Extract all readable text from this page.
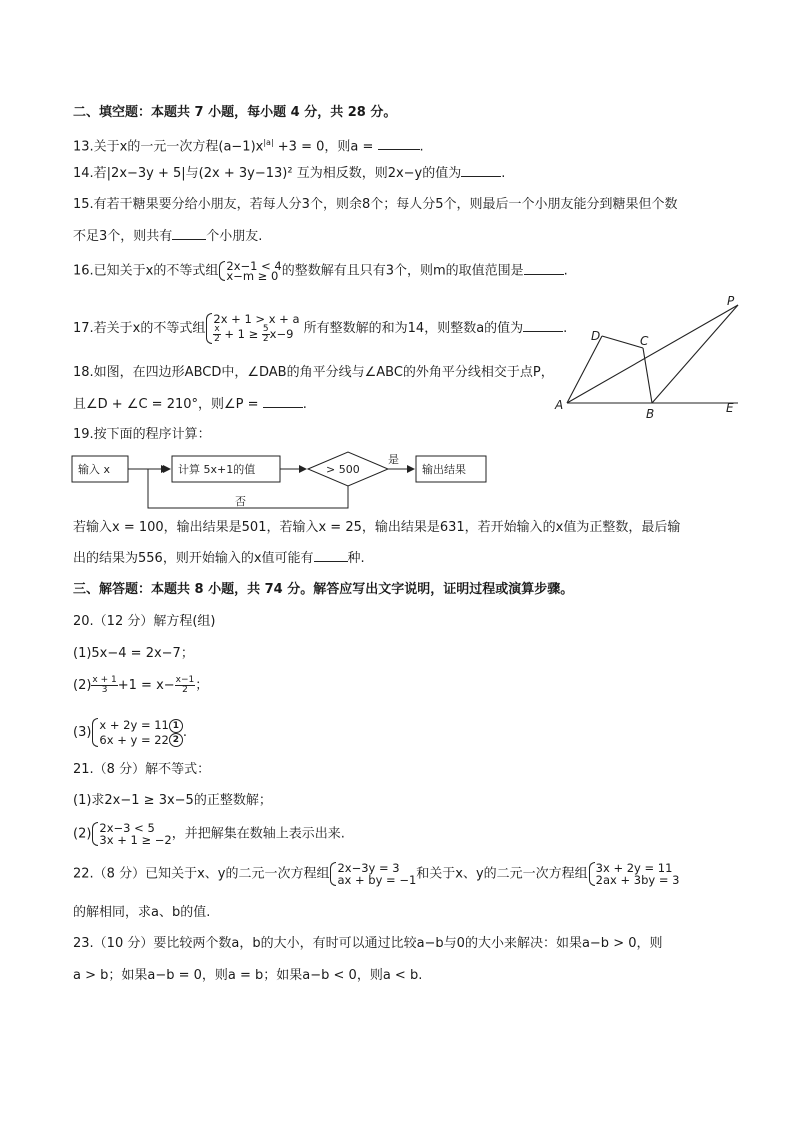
二、填空题：本题共 7 小题，每小题 4 分，共 28 分。
13.关于x的一元一次方程$(a-1)x^{|a|} +3 = 0$，则a =	.
14.若|2x−3y + 5|与(2x + 3y−13)² 互为相反数，则2x−y的值为	.
15.有若干糖果要分给小朋友，若每人分3个，则余8个；每人分5个，则最后一个小朋友能分到糖果但个数
不足3个，则共有	个小朋友.
16.已知关于x的不等式组 2x−1 < 4
x−m ≥ 0 的整数解有且只有3个，则m的取值范围是	.
17.若关于x的不等式组
2x + 1 > x + a
$\frac{x}{2} + 1 \ge \frac{5}{2} x-9$ 所有整数解的和为14，则整数a的值为	.
18.如图，在四边形ABCD中，∠DAB的角平分线与∠ABC的外角平分线相交于点P，
且∠D + ∠C = 210°，则∠P =	.
P
D	C
A
B	E
19.按下面的程序计算：
输入 x	计算 5x+1的值	> 500	输出结果
是
否
若输入x = 100，输出结果是501，若输入x = 25，输出结果是631，若开始输入的x值为正整数，最后输
出的结果为556，则开始输入的x值可能有	种.
三、解答题：本题共 8 小题，共 74 分。解答应写出文字说明，证明过程或演算步骤。
20.（12 分）解方程(组)
(1)5x−4 = 2x−7；
$(2) \frac{x + 1}{3} +1 = x- \frac{x-1}{2}$ ；
(3) x + 2y = 11 1
6x + y = 22 2 .
21.（8 分）解不等式：
(1)求2x−1 ≥ 3x−5的正整数解；
(2) 2x−3 < 5
3x + 1 ≥ −2 ，并把解集在数轴上表示出来.
22.（8 分）已知关于x、y的二元一次方程组 2x−3y = 3
ax + by = −1 和关于x、y的二元一次方程组 3x + 2y = 11
2ax + 3by = 3
的解相同，求a、b的值.
23.（10 分）要比较两个数a，b的大小，有时可以通过比较a−b与0的大小来解决：如果a−b > 0，则
a > b；如果a−b = 0，则a = b；如果a−b < 0，则a < b.
